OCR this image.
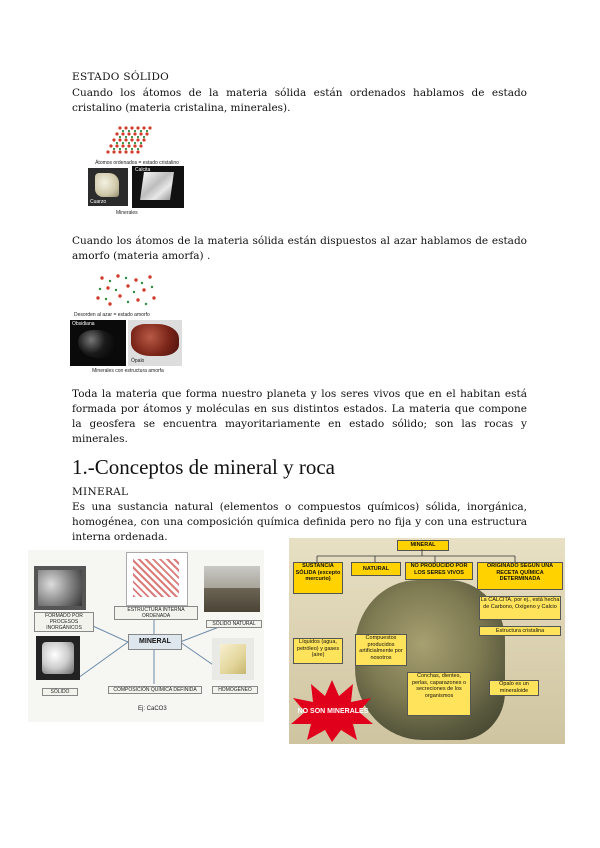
ESTADO SÓLIDO
Cuando los átomos de la materia sólida están ordenados hablamos de estado cristalino (materia cristalina, minerales).
Átomos ordenados = estado cristalino
Cuarzo
Calcita
Minerales
Cuando los átomos de la materia sólida están dispuestos al azar hablamos de estado amorfo (materia amorfa) .
Desorden al azar = estado amorfo
Obsidiana
Ópalo
Minerales con estructura amorfa
Toda la materia que forma nuestro planeta y los seres vivos que en el habitan está formada por átomos y moléculas en sus distintos estados. La materia que compone la geosfera se encuentra mayoritariamente en estado sólido; son las rocas y minerales.
1.-Conceptos de mineral y roca
MINERAL
Es una sustancia natural (elementos o compuestos químicos) sólida, inorgánica, homogénea, con una composición química definida pero no fija y con una estructura interna ordenada.
ESTRUCTURA INTERNA ORDENADA
FORMADO POR PROCESOS INORGÁNICOS
SÓLIDO NATURAL
MINERAL
SÓLIDO	HOMOGÉNEO
COMPOSICIÓN QUÍMICA DEFINIDA
Ej: CaCO3
MINERAL
SUSTANCIA SÓLIDA (excepto mercurio)
NATURAL	NO PRODUCIDO POR LOS SERES VIVOS
ORIGINADO SEGÚN UNA RECETA QUÍMICA DETERMINADA
La CALCITA, por ej., está hecha de Carbono, Oxígeno y Calcio
Estructura cristalina
Líquidos (agua, petróleo) y gases (aire)
Compuestos producidos artificialmente por nosotros
Conchas, dientes, perlas, caparazones o secreciones de los organismos
Ópalo es un mineraloide
NO SON MINERALES
